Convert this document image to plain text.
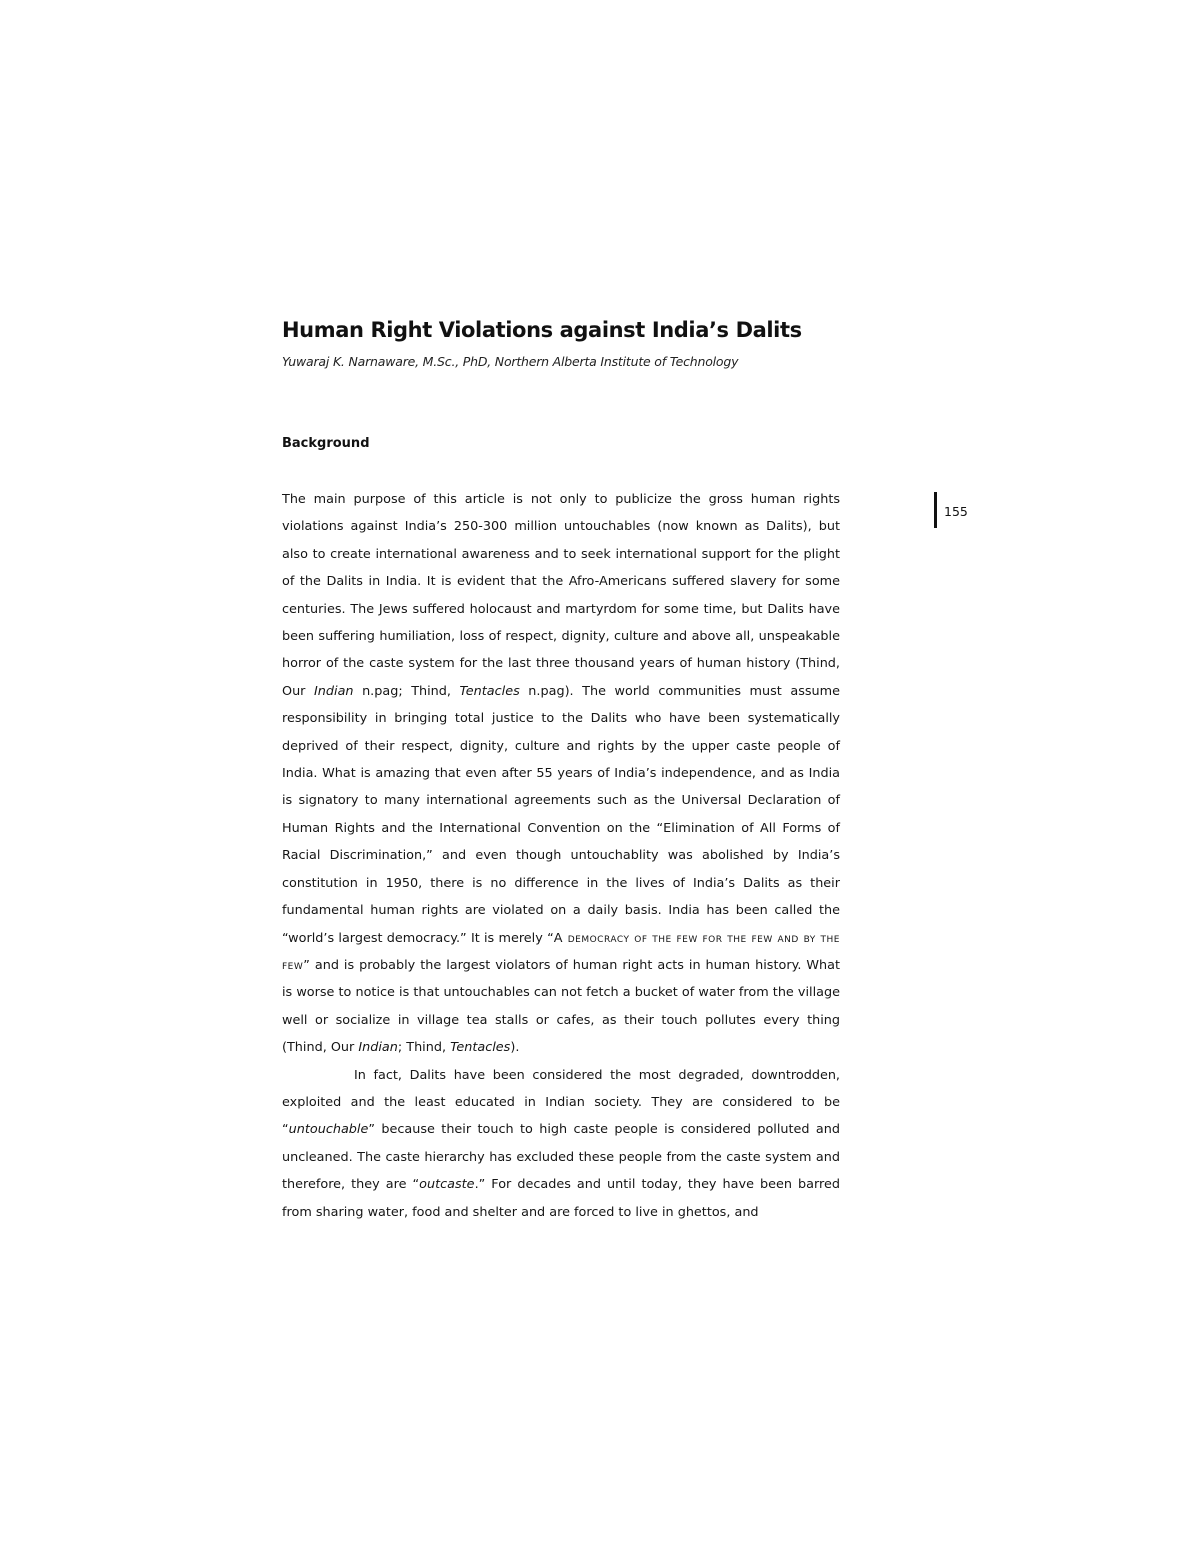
Human Right Violations against India’s Dalits
Yuwaraj K. Narnaware, M.Sc., PhD, Northern Alberta Institute of Technology
Background
155

The main purpose of this article is not only to publicize the gross human rights violations against India’s 250-300 million untouchables (now known as Dalits), but also to create international awareness and to seek international support for the plight of the Dalits in India. It is evident that the Afro-Americans suffered slavery for some centuries. The Jews suffered holocaust and martyrdom for some time, but Dalits have been suffering humiliation, loss of respect, dignity, culture and above all, unspeakable horror of the caste system for the last three thousand years of human history (Thind, Our Indian n.pag; Thind, Tentacles n.pag). The world communities must assume responsibility in bringing total justice to the Dalits who have been systematically deprived of their respect, dignity, culture and rights by the upper caste people of India. What is amazing that even after 55 years of India’s independence, and as India is signatory to many international agreements such as the Universal Declaration of Human Rights and the International Convention on the “Elimination of All Forms of Racial Discrimination,” and even though untouchablity was abolished by India’s constitution in 1950, there is no difference in the lives of India’s Dalits as their fundamental human rights are violated on a daily basis. India has been called the “world’s largest democracy.” It is merely “A democracy of the few for the few and by the few” and is probably the largest violators of human right acts in human history. What is worse to notice is that untouchables can not fetch a bucket of water from the village well or socialize in village tea stalls or cafes, as their touch pollutes every thing (Thind, Our Indian; Thind, Tentacles).

In fact, Dalits have been considered the most degraded, downtrodden, exploited and the least educated in Indian society. They are considered to be “untouchable” because their touch to high caste people is considered polluted and uncleaned. The caste hierarchy has excluded these people from the caste system and therefore, they are “outcaste.” For decades and until today, they have been barred from sharing water, food and shelter and are forced to live in ghettos, and
